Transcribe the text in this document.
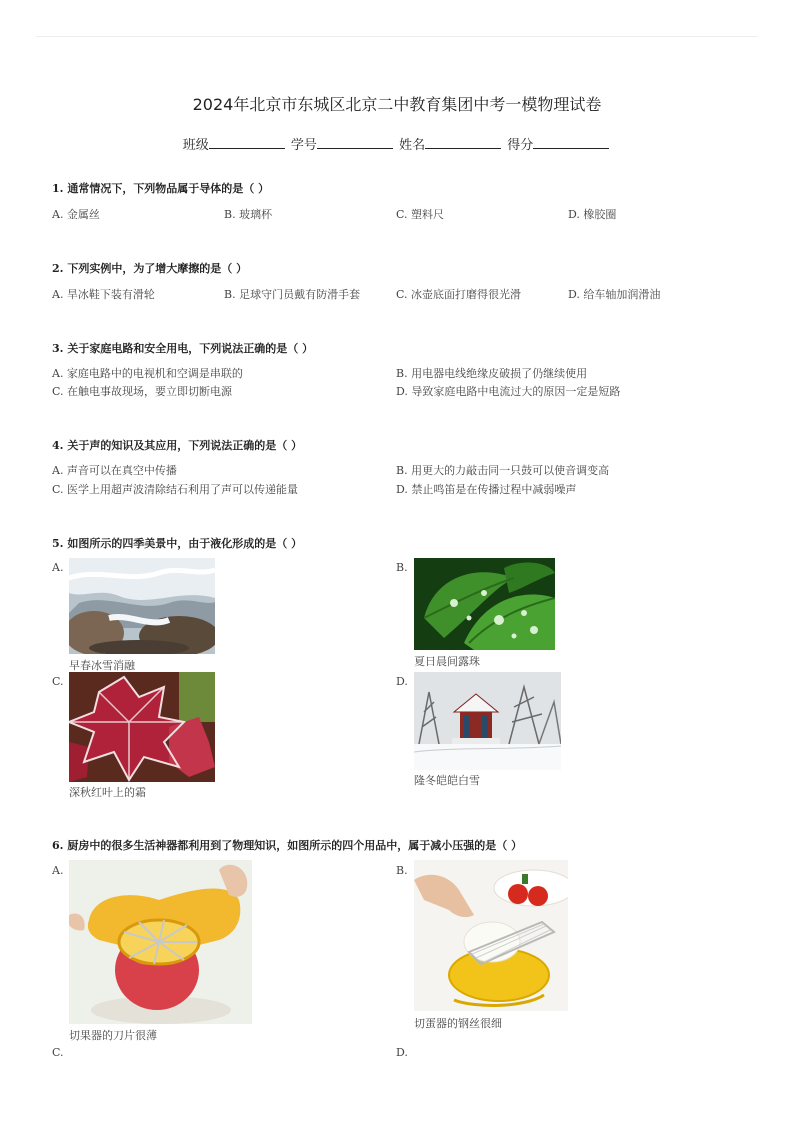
2024年北京市东城区北京二中教育集团中考一模物理试卷
班级	学号	姓名	得分
1. 通常情况下，下列物品属于导体的是（ ）
A. 金属丝	B. 玻璃杯	C. 塑料尺	D. 橡胶圈
2. 下列实例中，为了增大摩擦的是（ ）
A. 旱冰鞋下装有滑轮	B. 足球守门员戴有防滑手套	C. 冰壶底面打磨得很光滑	D. 给车轴加润滑油
3. 关于家庭电路和安全用电，下列说法正确的是（ ）
A. 家庭电路中的电视机和空调是串联的	B. 用电器电线绝缘皮破损了仍继续使用
C. 在触电事故现场，要立即切断电源	D. 导致家庭电路中电流过大的原因一定是短路
4. 关于声的知识及其应用，下列说法正确的是（ ）
A. 声音可以在真空中传播	B. 用更大的力敲击同一只鼓可以使音调变高
C. 医学上用超声波清除结石利用了声可以传递能量	D. 禁止鸣笛是在传播过程中减弱噪声
5. 如图所示的四季美景中，由于液化形成的是（ ）
A.
早春冰雪消融
B.
夏日晨间露珠
C.
深秋红叶上的霜
D.
隆冬皑皑白雪
6. 厨房中的很多生活神器都利用到了物理知识，如图所示的四个用品中，属于减小压强的是（ ）
A.
切果器的刀片很薄
B.
切蛋器的钢丝很细
C.	D.
